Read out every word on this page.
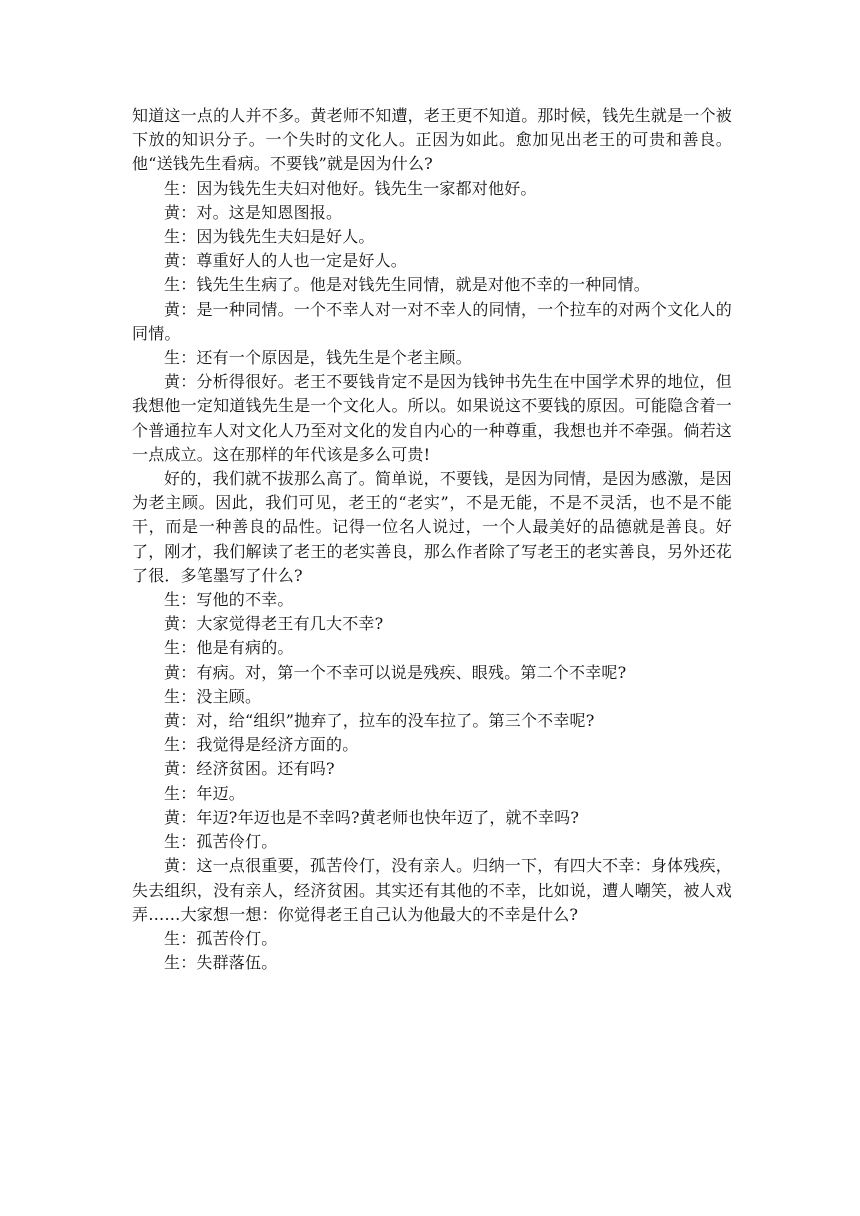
知道这一点的人并不多。黄老师不知遭，老王更不知道。那时候，钱先生就是一个被下放的知识分子。一个失时的文化人。正因为如此。愈加见出老王的可贵和善良。他“送钱先生看病。不要钱”就是因为什么?

生：因为钱先生夫妇对他好。钱先生一家都对他好。

黄：对。这是知恩图报。

生：因为钱先生夫妇是好人。

黄：尊重好人的人也一定是好人。

生：钱先生生病了。他是对钱先生同情，就是对他不幸的一种同情。

黄：是一种同情。一个不幸人对一对不幸人的同情，一个拉车的对两个文化人的同情。

生：还有一个原因是，钱先生是个老主顾。

黄：分析得很好。老王不要钱肯定不是因为钱钟书先生在中国学术界的地位，但我想他一定知道钱先生是一个文化人。所以。如果说这不要钱的原因。可能隐含着一个普通拉车人对文化人乃至对文化的发自内心的一种尊重，我想也并不牵强。倘若这一点成立。这在那样的年代该是多么可贵!

好的，我们就不拔那么高了。简单说，不要钱，是因为同情，是因为感激，是因为老主顾。因此，我们可见，老王的“老实”，不是无能，不是不灵活，也不是不能干，而是一种善良的品性。记得一位名人说过，一个人最美好的品德就是善良。好了，刚才，我们解读了老王的老实善良，那么作者除了写老王的老实善良，另外还花了很．多笔墨写了什么?

生：写他的不幸。

黄：大家觉得老王有几大不幸?

生：他是有病的。

黄：有病。对，第一个不幸可以说是残疾、眼残。第二个不幸呢?

生：没主顾。

黄：对，给“组织”抛弃了，拉车的没车拉了。第三个不幸呢?

生：我觉得是经济方面的。

黄：经济贫困。还有吗?

生：年迈。

黄：年迈?年迈也是不幸吗?黄老师也快年迈了，就不幸吗?

生：孤苦伶仃。

黄：这一点很重要，孤苦伶仃，没有亲人。归纳一下，有四大不幸：身体残疾，失去组织，没有亲人，经济贫困。其实还有其他的不幸，比如说，遭人嘲笑，被人戏弄……大家想一想：你觉得老王自己认为他最大的不幸是什么?

生：孤苦伶仃。

生：失群落伍。
